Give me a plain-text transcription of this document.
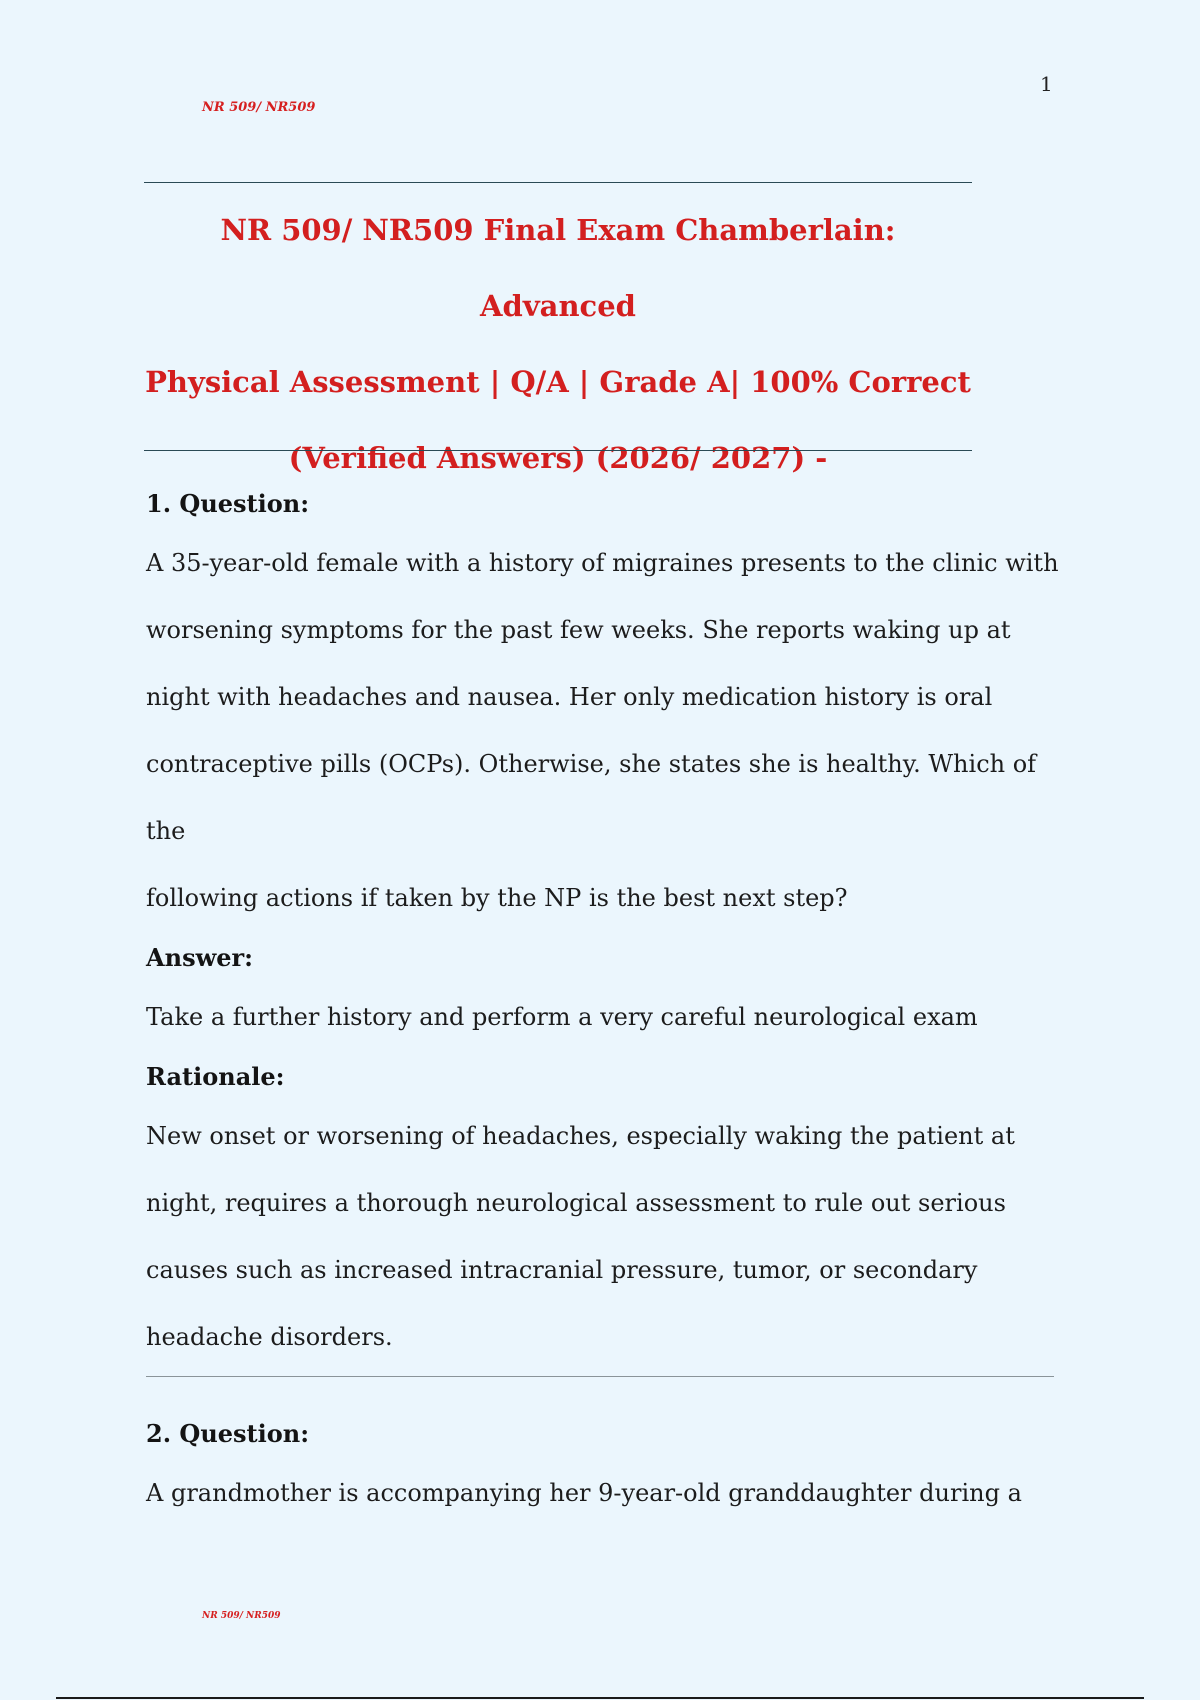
1
NR 509/ NR509
NR 509/ NR509 Final Exam Chamberlain: Advanced
Physical Assessment | Q/A | Grade A| 100% Correct
(Verified Answers) (2026/ 2027) -

1. Question:

A 35-year-old female with a history of migraines presents to the clinic with

worsening symptoms for the past few weeks. She reports waking up at

night with headaches and nausea. Her only medication history is oral

contraceptive pills (OCPs). Otherwise, she states she is healthy. Which of the

following actions if taken by the NP is the best next step?

Answer:

Take a further history and perform a very careful neurological exam

Rationale:

New onset or worsening of headaches, especially waking the patient at

night, requires a thorough neurological assessment to rule out serious

causes such as increased intracranial pressure, tumor, or secondary

headache disorders.

2. Question:

A grandmother is accompanying her 9-year-old granddaughter during a

NR 509/ NR509
